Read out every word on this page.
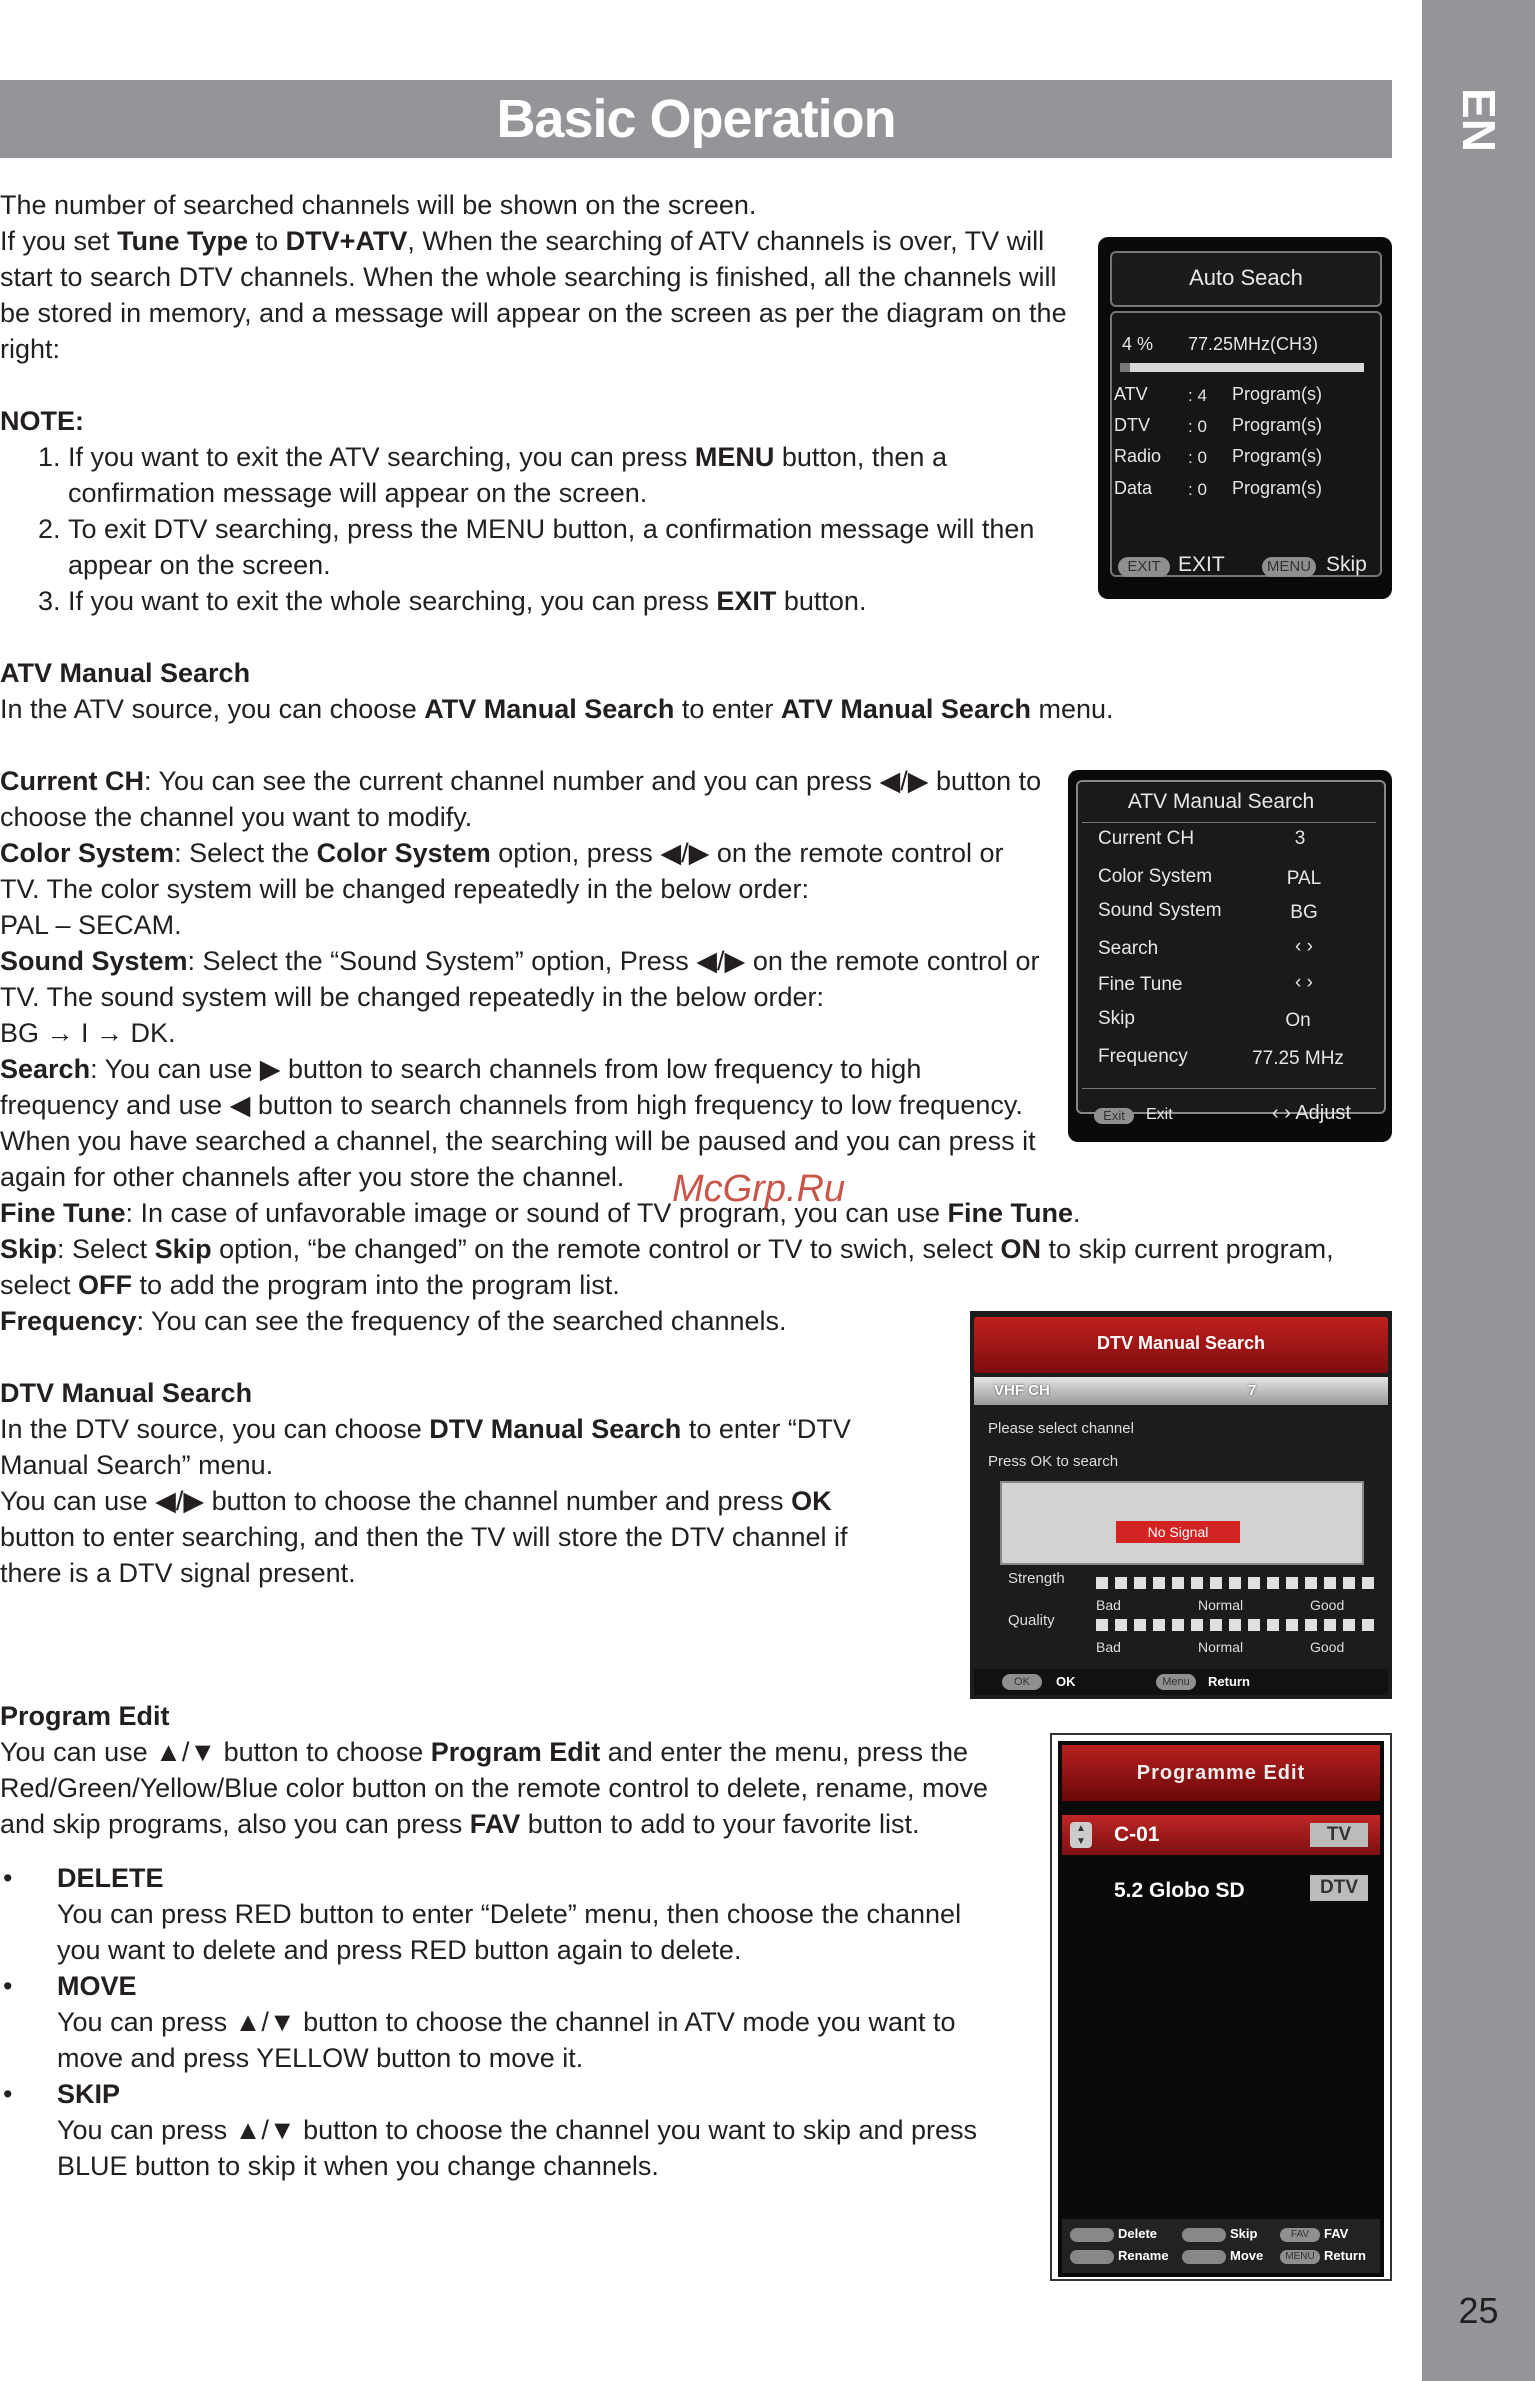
EN
25
Basic Operation

The number of searched channels will be shown on the screen.

If you set Tune Type to DTV+ATV, When the searching of ATV channels is over, TV will start to search DTV channels. When the whole searching is finished, all the channels will be stored in memory, and a message will appear on the screen as per the diagram on the right:

NOTE:

1. If you want to exit the ATV searching, you can press MENU button, then a confirmation message will appear on the screen.
2. To exit DTV searching, press the MENU button, a confirmation message will then appear on the screen.
3. If you want to exit the whole searching, you can press EXIT button.

ATV Manual Search

In the ATV source, you can choose ATV Manual Search to enter ATV Manual Search menu.

Current CH: You can see the current channel number and you can press ◀/▶ button to choose the channel you want to modify.

Color System: Select the Color System option, press ◀/▶ on the remote control or TV. The color system will be changed repeatedly in the below order:

PAL – SECAM.

Sound System: Select the “Sound System” option, Press ◀/▶ on the remote control or TV. The sound system will be changed repeatedly in the below order:

BG → I → DK.

Search: You can use ▶ button to search channels from low frequency to high frequency and use ◀ button to search channels from high frequency to low frequency. When you have searched a channel, the searching will be paused and you can press it again for other channels after you store the channel.

Fine Tune: In case of unfavorable image or sound of TV program, you can use Fine Tune.

Skip: Select Skip option, “be changed” on the remote control or TV to swich, select ON to skip current program, select OFF to add the program into the program list.

Frequency: You can see the frequency of the searched channels.

McGrp.Ru

DTV Manual Search

In the DTV source, you can choose DTV Manual Search to enter “DTV Manual Search” menu.

You can use ◀/▶ button to choose the channel number and press OK button to enter searching, and then the TV will store the DTV channel if there is a DTV signal present.

Program Edit

You can use ▲/▼ button to choose Program Edit and enter the menu, press the Red/Green/Yellow/Blue color button on the remote control to delete, rename, move and skip programs, also you can press FAV button to add to your favorite list.

• DELETE
You can press RED button to enter “Delete” menu, then choose the channel you want to delete and press RED button again to delete.
• MOVE
You can press ▲/▼ button to choose the channel in ATV mode you want to move and press YELLOW button to move it.
• SKIP
You can press ▲/▼ button to choose the channel you want to skip and press BLUE button to skip it when you change channels.
Auto Seach
4 % 77.25MHz(CH3)
ATV : 4 Program(s)
DTV : 0 Program(s)
Radio : 0 Program(s)
Data : 0 Program(s)
EXIT EXIT	MENU Skip
ATV Manual Search
Current CH	3
Color System	PAL
Sound System	BG
Search	‹ ›
Fine Tune	‹ ›
Skip	On
Frequency	77.25 MHz
Exit	Exit	‹ › Adjust
DTV Manual Search
VHF CH	7
Please select channel
Press OK to search
No Signal
Strength
Bad	Normal	Good
Quality
Bad	Normal	Good
OK	OK	Menu	Return
Programme Edit
▲
▼ C-01	TV
5.2 Globo SD	DTV
Delete	Skip	FAV	FAV
Rename	Move	MENU Return
